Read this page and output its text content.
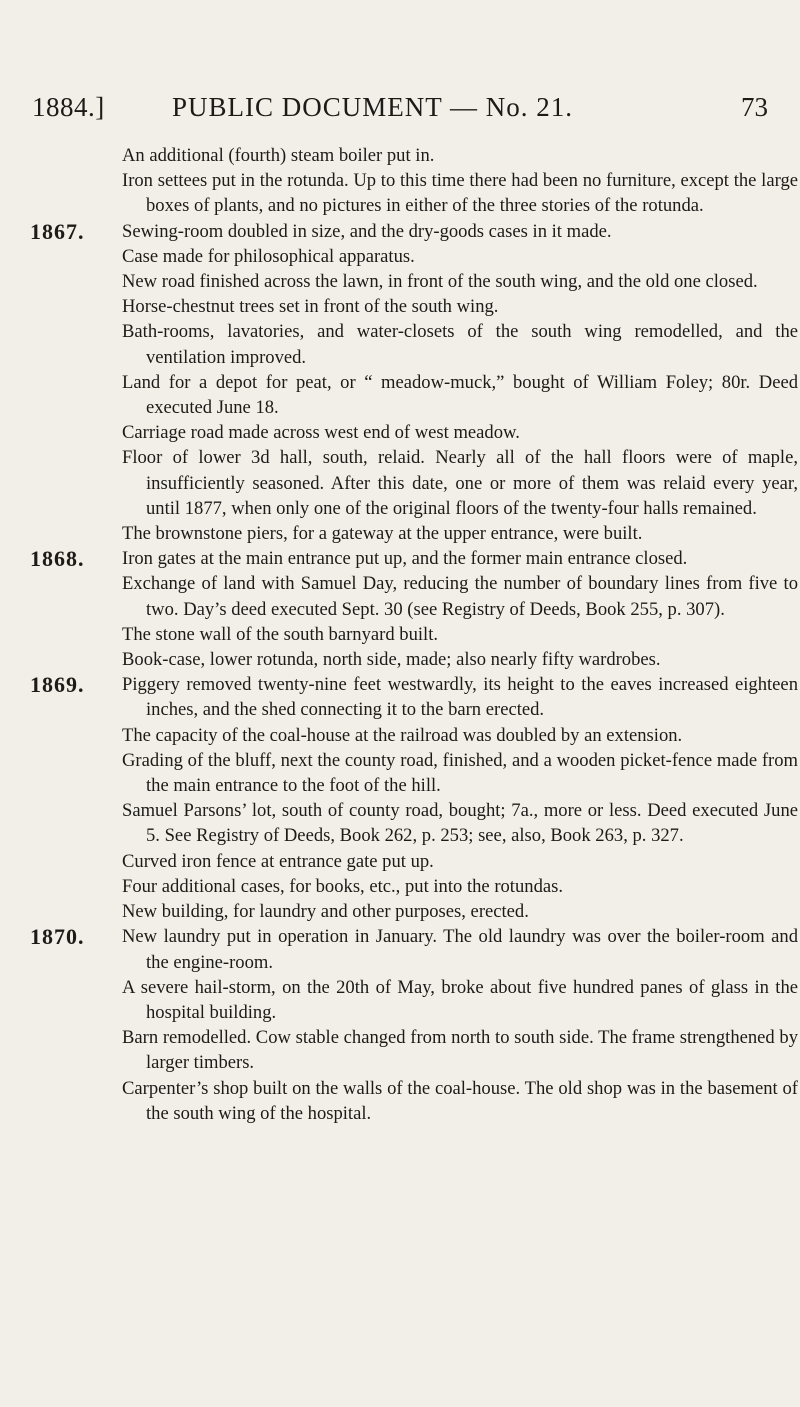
1884.] PUBLIC DOCUMENT — No. 21.	73
An additional (fourth) steam boiler put in.
Iron settees put in the rotunda. Up to this time there had been no furniture, except the large boxes of plants, and no pictures in either of the three stories of the rotunda.
1867. Sewing-room doubled in size, and the dry-goods cases in it made.
Case made for philosophical apparatus.
New road finished across the lawn, in front of the south wing, and the old one closed.
Horse-chestnut trees set in front of the south wing.
Bath-rooms, lavatories, and water-closets of the south wing remodelled, and the ventilation improved.
Land for a depot for peat, or “ meadow-muck,” bought of William Foley; 80r. Deed executed June 18.
Carriage road made across west end of west meadow.
Floor of lower 3d hall, south, relaid. Nearly all of the hall floors were of maple, insufficiently seasoned. After this date, one or more of them was relaid every year, until 1877, when only one of the original floors of the twenty-four halls remained.
The brownstone piers, for a gateway at the upper entrance, were built.
1868. Iron gates at the main entrance put up, and the former main entrance closed.
Exchange of land with Samuel Day, reducing the number of boundary lines from five to two. Day’s deed executed Sept. 30 (see Registry of Deeds, Book 255, p. 307).
The stone wall of the south barnyard built.
Book-case, lower rotunda, north side, made; also nearly fifty wardrobes.
1869. Piggery removed twenty-nine feet westwardly, its height to the eaves increased eighteen inches, and the shed connecting it to the barn erected.
The capacity of the coal-house at the railroad was doubled by an extension.
Grading of the bluff, next the county road, finished, and a wooden picket-fence made from the main entrance to the foot of the hill.
Samuel Parsons’ lot, south of county road, bought; 7a., more or less. Deed executed June 5. See Registry of Deeds, Book 262, p. 253; see, also, Book 263, p. 327.
Curved iron fence at entrance gate put up.
Four additional cases, for books, etc., put into the rotundas.
New building, for laundry and other purposes, erected.
1870. New laundry put in operation in January. The old laundry was over the boiler-room and the engine-room.
A severe hail-storm, on the 20th of May, broke about five hundred panes of glass in the hospital building.
Barn remodelled. Cow stable changed from north to south side. The frame strengthened by larger timbers.
Carpenter’s shop built on the walls of the coal-house. The old shop was in the basement of the south wing of the hospital.
